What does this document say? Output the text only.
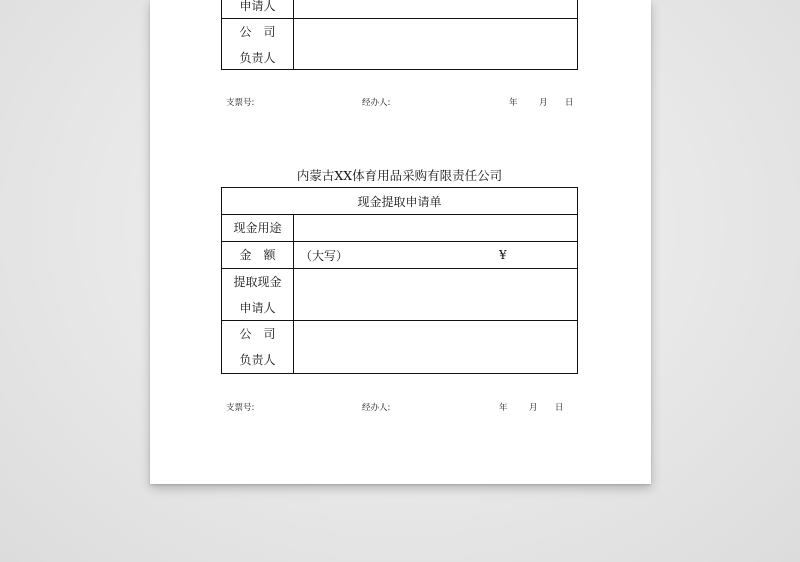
申请人
公　司
负责人
支票号:	经办人:	年	月 日
内蒙古XX体育用品采购有限责任公司
现金提取申请单
现金用途
金　额 （大写）	¥
提取现金
申请人
公　司
负责人
支票号:	经办人:	年	月 日
